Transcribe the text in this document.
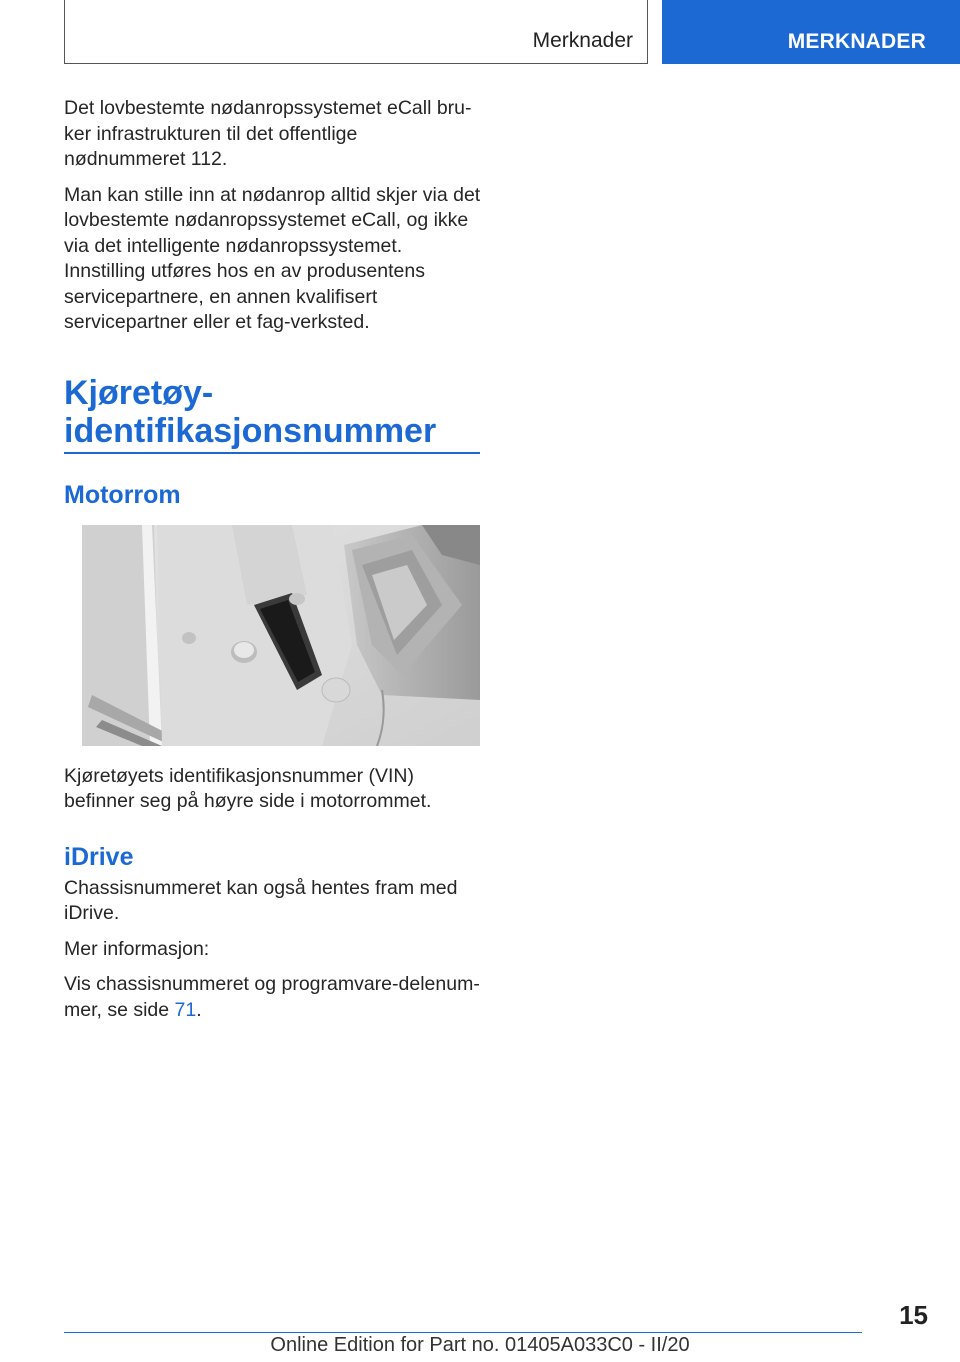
Merknader	MERKNADER

Det lovbestemte nødanropssystemet eCall bru-ker infrastrukturen til det offentlige nødnummeret 112.

Man kan stille inn at nødanrop alltid skjer via det lovbestemte nødanropssystemet eCall, og ikke via det intelligente nødanropssystemet. Innstilling utføres hos en av produsentens servicepartnere, en annen kvalifisert servicepartner eller et fag-verksted.

Kjøretøy-
identifikasjonsnummer
Motorrom

Kjøretøyets identifikasjonsnummer (VIN) befinner seg på høyre side i motorrommet.

iDrive

Chassisnummeret kan også hentes fram med iDrive.

Mer informasjon:

Vis chassisnummeret og programvare-delenum-mer, se side 71.

15
Online Edition for Part no. 01405A033C0 - II/20
